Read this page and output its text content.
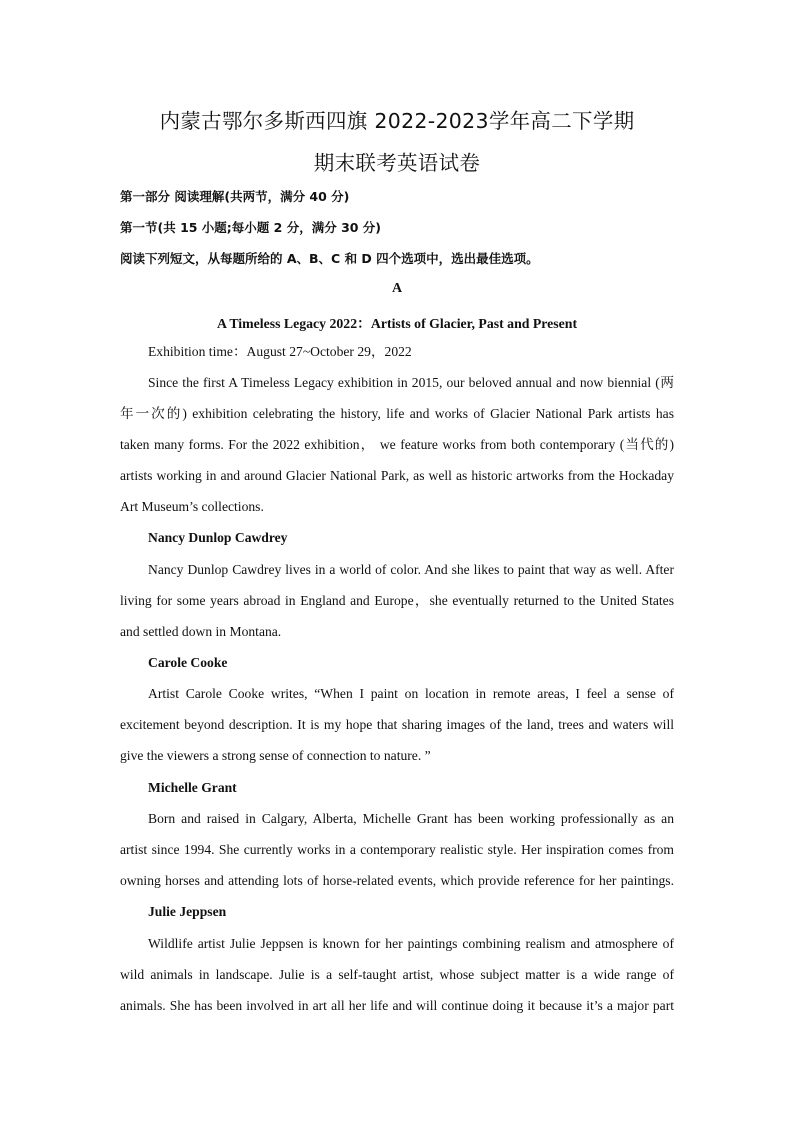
内蒙古鄂尔多斯西四旗 2022-2023学年高二下学期
期末联考英语试卷
第一部分 阅读理解(共两节，满分 40 分)
第一节(共 15 小题;每小题 2 分，满分 30 分)
阅读下列短文，从每题所给的 A、B、C 和 D 四个选项中，选出最佳选项。
A
A Timeless Legacy 2022：Artists of Glacier, Past and Present
Exhibition time：August 27~October 29，2022
Since the first A Timeless Legacy exhibition in 2015, our beloved annual and now biennial (两
年一次的) exhibition celebrating the history, life and works of Glacier National Park artists has
taken many forms. For the 2022 exhibition， we feature works from both contemporary (当代的)
artists working in and around Glacier National Park, as well as historic artworks from the Hockaday
Art Museum’s collections.
Nancy Dunlop Cawdrey
Nancy Dunlop Cawdrey lives in a world of color. And she likes to paint that way as well. After
living for some years abroad in England and Europe，she eventually returned to the United States
and settled down in Montana.
Carole Cooke
Artist Carole Cooke writes, “When I paint on location in remote areas, I feel a sense of
excitement beyond description. It is my hope that sharing images of the land, trees and waters will
give the viewers a strong sense of connection to nature. ”
Michelle Grant
Born and raised in Calgary, Alberta, Michelle Grant has been working professionally as an
artist since 1994. She currently works in a contemporary realistic style. Her inspiration comes from
owning horses and attending lots of horse-related events, which provide reference for her paintings.
Julie Jeppsen
Wildlife artist Julie Jeppsen is known for her paintings combining realism and atmosphere of
wild animals in landscape. Julie is a self-taught artist, whose subject matter is a wide range of
animals. She has been involved in art all her life and will continue doing it because it’s a major part
